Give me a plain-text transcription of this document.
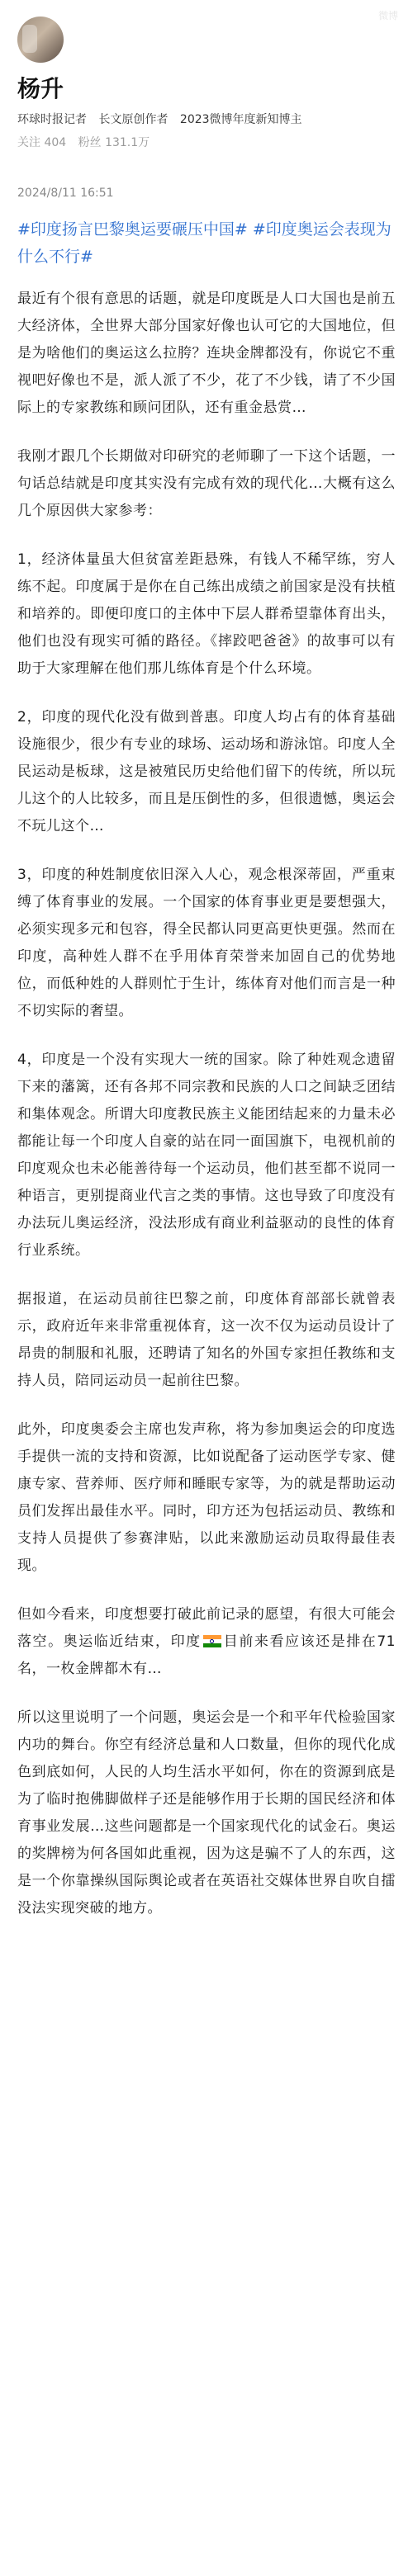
微博
杨升
环球时报记者 长文原创作者 2023微博年度新知博主
关注 404 粉丝 131.1万
2024/8/11 16:51
#印度扬言巴黎奥运要碾压中国# #印度奥运会表现为什么不行#

最近有个很有意思的话题，就是印度既是人口大国也是前五大经济体，全世界大部分国家好像也认可它的大国地位，但是为啥他们的奥运这么拉胯？连块金牌都没有，你说它不重视吧好像也不是，派人派了不少，花了不少钱，请了不少国际上的专家教练和顾问团队，还有重金悬赏…

我刚才跟几个长期做对印研究的老师聊了一下这个话题，一句话总结就是印度其实没有完成有效的现代化…大概有这么几个原因供大家参考：

1，经济体量虽大但贫富差距悬殊，有钱人不稀罕练，穷人练不起。印度属于是你在自己练出成绩之前国家是没有扶植和培养的。即便印度口的主体中下层人群希望靠体育出头，他们也没有现实可循的路径。《摔跤吧爸爸》的故事可以有助于大家理解在他们那儿练体育是个什么环境。

2，印度的现代化没有做到普惠。印度人均占有的体育基础设施很少，很少有专业的球场、运动场和游泳馆。印度人全民运动是板球，这是被殖民历史给他们留下的传统，所以玩儿这个的人比较多，而且是压倒性的多，但很遗憾，奥运会不玩儿这个…

3，印度的种姓制度依旧深入人心，观念根深蒂固，严重束缚了体育事业的发展。一个国家的体育事业更是要想强大，必须实现多元和包容，得全民都认同更高更快更强。然而在印度，高种姓人群不在乎用体育荣誉来加固自己的优势地位，而低种姓的人群则忙于生计，练体育对他们而言是一种不切实际的奢望。

4，印度是一个没有实现大一统的国家。除了种姓观念遗留下来的藩篱，还有各邦不同宗教和民族的人口之间缺乏团结和集体观念。所谓大印度教民族主义能团结起来的力量未必都能让每一个印度人自豪的站在同一面国旗下，电视机前的印度观众也未必能善待每一个运动员，他们甚至都不说同一种语言，更别提商业代言之类的事情。这也导致了印度没有办法玩儿奥运经济，没法形成有商业利益驱动的良性的体育行业系统。

据报道，在运动员前往巴黎之前，印度体育部部长就曾表示，政府近年来非常重视体育，这一次不仅为运动员设计了昂贵的制服和礼服，还聘请了知名的外国专家担任教练和支持人员，陪同运动员一起前往巴黎。

此外，印度奥委会主席也发声称，将为参加奥运会的印度选手提供一流的支持和资源，比如说配备了运动医学专家、健康专家、营养师、医疗师和睡眠专家等，为的就是帮助运动员们发挥出最佳水平。同时，印方还为包括运动员、教练和支持人员提供了参赛津贴，以此来激励运动员取得最佳表现。

但如今看来，印度想要打破此前记录的愿望，有很大可能会落空。奥运临近结束，印度 目前来看应该还是排在71名，一枚金牌都木有…

所以这里说明了一个问题，奥运会是一个和平年代检验国家内功的舞台。你空有经济总量和人口数量，但你的现代化成色到底如何，人民的人均生活水平如何，你在的资源到底是为了临时抱佛脚做样子还是能够作用于长期的国民经济和体育事业发展…这些问题都是一个国家现代化的试金石。奥运的奖牌榜为何各国如此重视，因为这是骗不了人的东西，这是一个你靠操纵国际舆论或者在英语社交媒体世界自吹自擂没法实现突破的地方。
